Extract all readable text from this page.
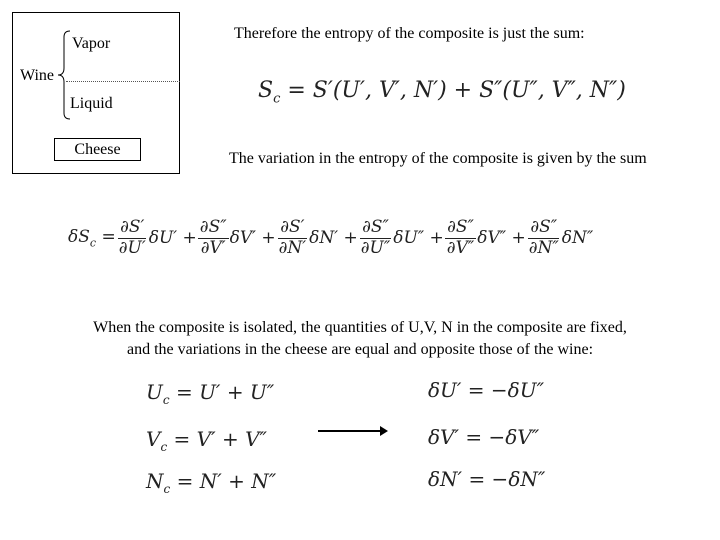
Vapor
Wine
Liquid
Cheese
Therefore the entropy of the composite is just the sum:
The variation in the entropy of the composite is given by the sum
When the composite is isolated, the quantities of U,V, N in the composite are fixed,
and the variations in the cheese are equal and opposite those of the wine:
$S_c = S'(U'$, V′, N′) + S″(U″, V″, N″)
$\delta S_c = \frac{\partial S'}{\partial U'} \delta U' + \frac{\partial S''}{\partial V'} \delta V' + \frac{\partial S'}{\partial N'} \delta N' + \frac{\partial S''}{\partial U''} \delta U'' + \frac{\partial S''}{\partial V''} \delta V'' + \frac{\partial S''}{\partial N''} \delta N''$
$U_c = U' + U''$
$V_c = V' + V''$
$N_c = N' + N''$
δU′ = −δU″
δV′ = −δV″
δN′ = −δN″
